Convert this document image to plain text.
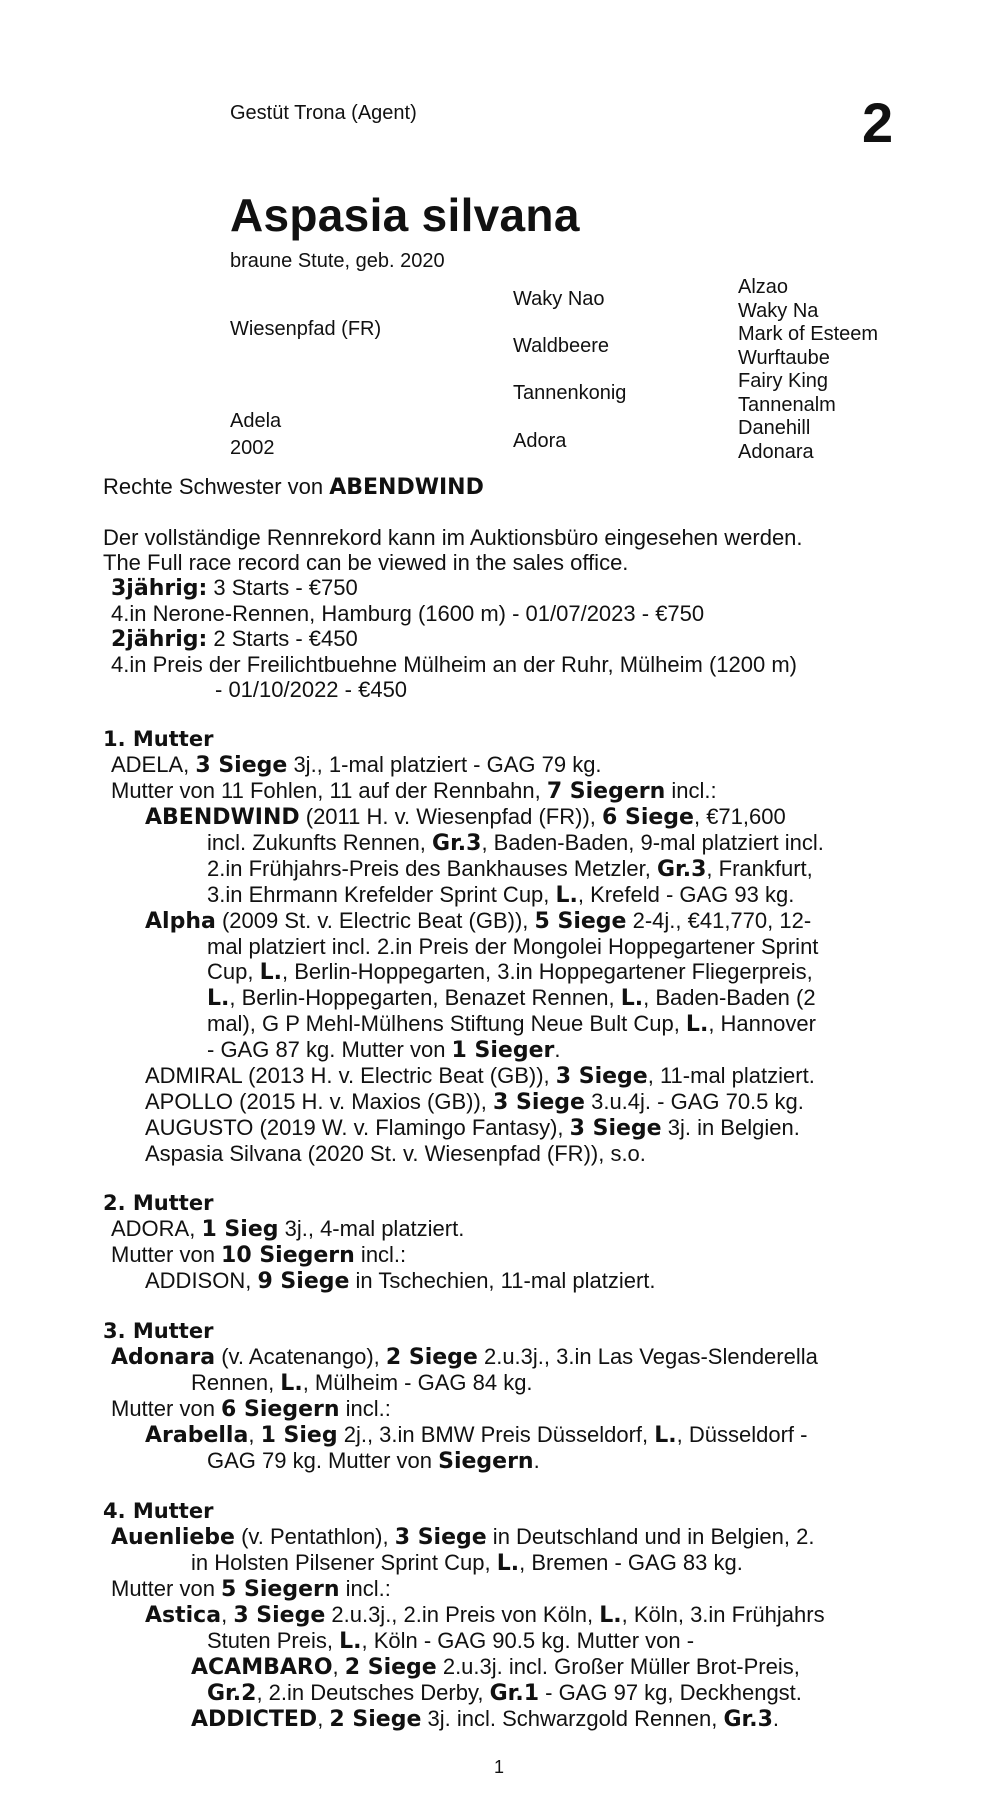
Gestüt Trona (Agent)	2
Aspasia silvana
braune Stute, geb. 2020
Wiesenpfad (FR)
Adela
2002
Waky Nao
Waldbeere
Tannenkonig
Adora
Alzao
Waky Na
Mark of Esteem
Wurftaube
Fairy King
Tannenalm
Danehill
Adonara

Rechte Schwester von ABENDWIND

Der vollständige Rennrekord kann im Auktionsbüro eingesehen werden.

The Full race record can be viewed in the sales office.

3jährig: 3 Starts - €750

4.in Nerone-Rennen, Hamburg (1600 m) - 01/07/2023 - €750

2jährig: 2 Starts - €450

4.in Preis der Freilichtbuehne Mülheim an der Ruhr, Mülheim (1200 m)

- 01/10/2022 - €450

1. Mutter

ADELA, 3 Siege 3j., 1-mal platziert - GAG 79 kg.

Mutter von 11 Fohlen, 11 auf der Rennbahn, 7 Siegern incl.:

ABENDWIND (2011 H. v. Wiesenpfad (FR)), 6 Siege, €71,600

incl. Zukunfts Rennen, Gr.3, Baden-Baden, 9-mal platziert incl.

2.in Frühjahrs-Preis des Bankhauses Metzler, Gr.3, Frankfurt,

3.in Ehrmann Krefelder Sprint Cup, L., Krefeld - GAG 93 kg.

Alpha (2009 St. v. Electric Beat (GB)), 5 Siege 2-4j., €41,770, 12-

mal platziert incl. 2.in Preis der Mongolei Hoppegartener Sprint

Cup, L., Berlin-Hoppegarten, 3.in Hoppegartener Fliegerpreis,

L., Berlin-Hoppegarten, Benazet Rennen, L., Baden-Baden (2

mal), G P Mehl-Mülhens Stiftung Neue Bult Cup, L., Hannover

- GAG 87 kg. Mutter von 1 Sieger.

ADMIRAL (2013 H. v. Electric Beat (GB)), 3 Siege, 11-mal platziert.

APOLLO (2015 H. v. Maxios (GB)), 3 Siege 3.u.4j. - GAG 70.5 kg.

AUGUSTO (2019 W. v. Flamingo Fantasy), 3 Siege 3j. in Belgien.

Aspasia Silvana (2020 St. v. Wiesenpfad (FR)), s.o.

2. Mutter

ADORA, 1 Sieg 3j., 4-mal platziert.

Mutter von 10 Siegern incl.:

ADDISON, 9 Siege in Tschechien, 11-mal platziert.

3. Mutter

Adonara (v. Acatenango), 2 Siege 2.u.3j., 3.in Las Vegas-Slenderella

Rennen, L., Mülheim - GAG 84 kg.

Mutter von 6 Siegern incl.:

Arabella, 1 Sieg 2j., 3.in BMW Preis Düsseldorf, L., Düsseldorf -

GAG 79 kg. Mutter von Siegern.

4. Mutter

Auenliebe (v. Pentathlon), 3 Siege in Deutschland und in Belgien, 2.

in Holsten Pilsener Sprint Cup, L., Bremen - GAG 83 kg.

Mutter von 5 Siegern incl.:

Astica, 3 Siege 2.u.3j., 2.in Preis von Köln, L., Köln, 3.in Frühjahrs

Stuten Preis, L., Köln - GAG 90.5 kg. Mutter von -

ACAMBARO, 2 Siege 2.u.3j. incl. Großer Müller Brot-Preis,

Gr.2, 2.in Deutsches Derby, Gr.1 - GAG 97 kg, Deckhengst.

ADDICTED, 2 Siege 3j. incl. Schwarzgold Rennen, Gr.3.

1
